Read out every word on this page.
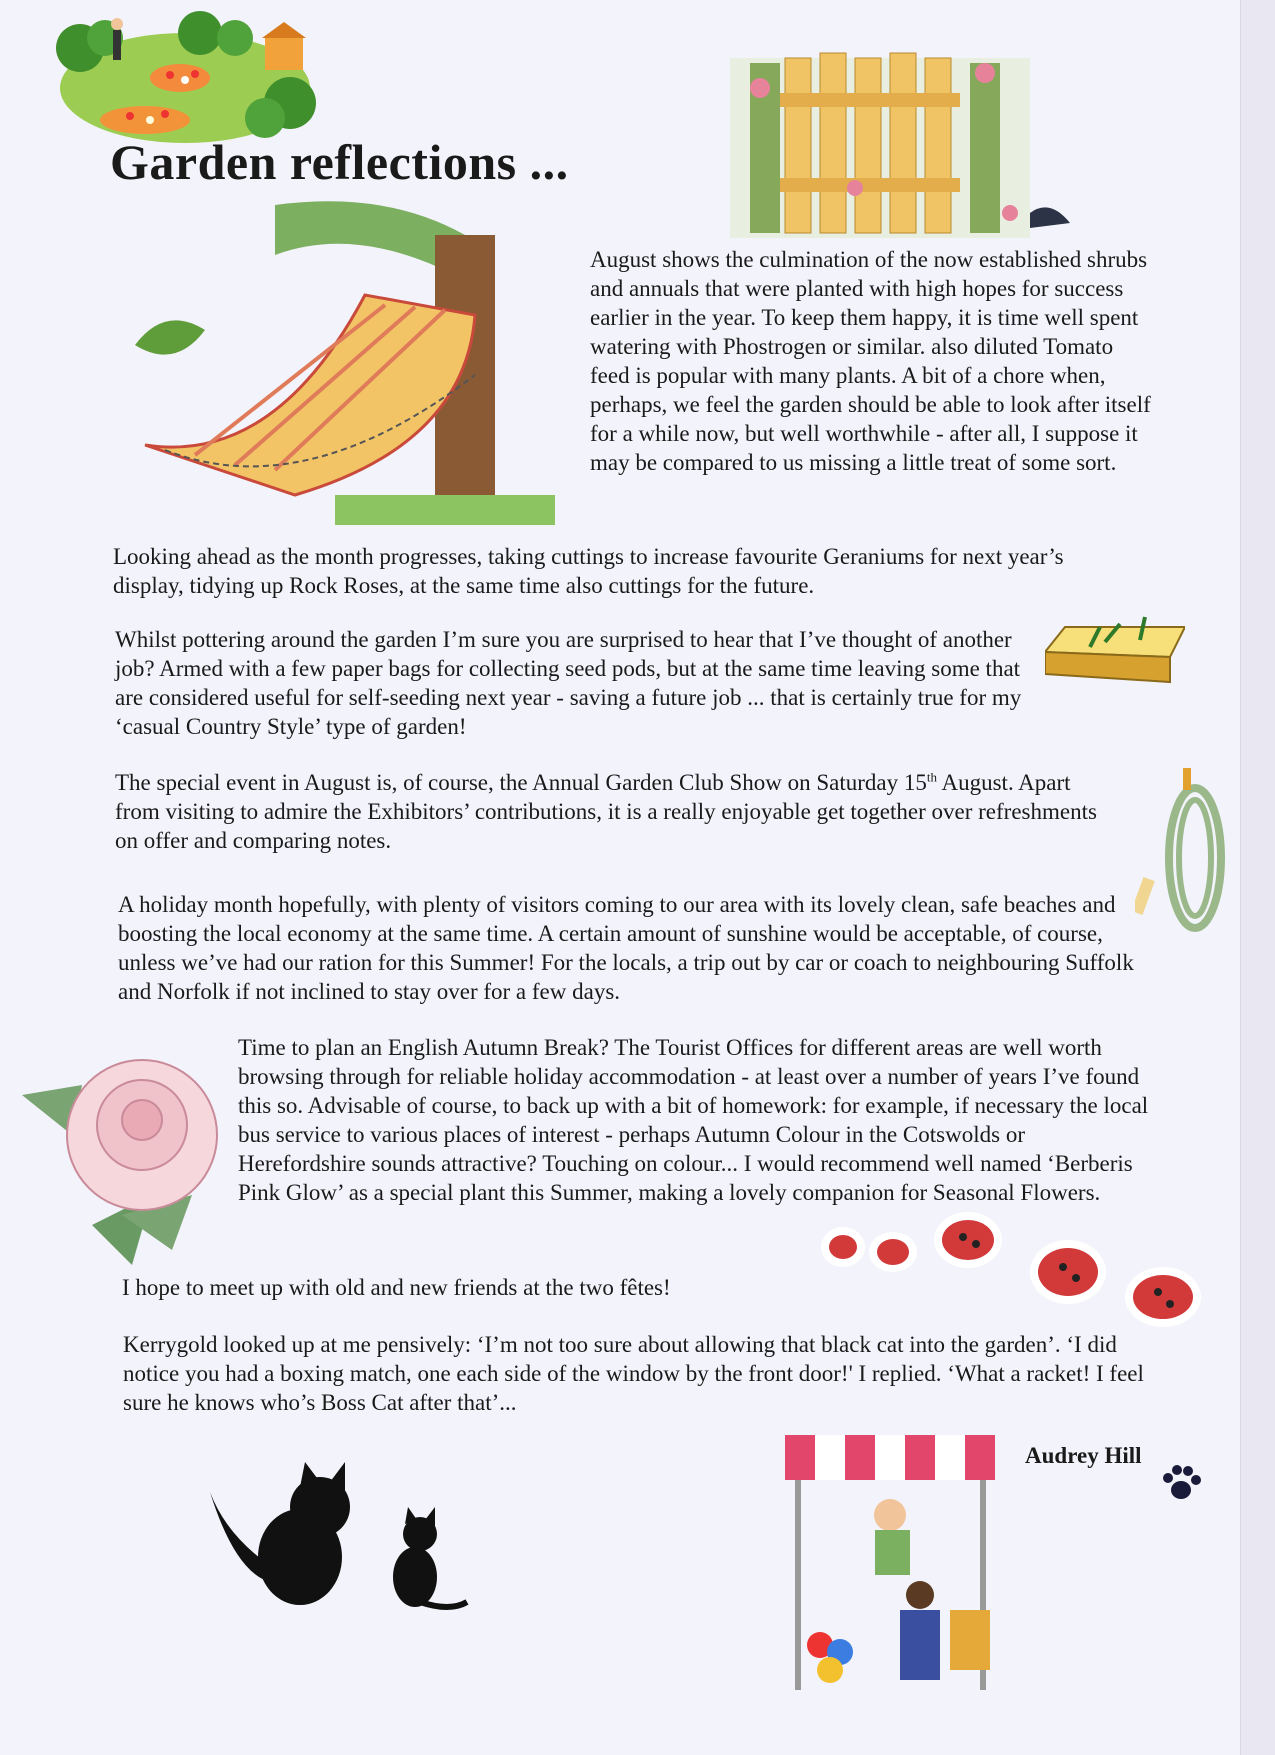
Garden reflections ...

August shows the culmination of the now established shrubs and annuals that were planted with high hopes for success earlier in the year. To keep them happy, it is time well spent watering with Phostrogen or similar. also diluted Tomato feed is popular with many plants. A bit of a chore when, perhaps, we feel the garden should be able to look after itself for a while now, but well worthwhile - after all, I suppose it may be compared to us missing a little treat of some sort.

Looking ahead as the month progresses, taking cuttings to increase favourite Geraniums for next year’s display, tidying up Rock Roses, at the same time also cuttings for the future.

Whilst pottering around the garden I’m sure you are surprised to hear that I’ve thought of another job? Armed with a few paper bags for collecting seed pods, but at the same time leaving some that are considered useful for self-seeding next year - saving a future job ... that is certainly true for my ‘casual Country Style’ type of garden!

The special event in August is, of course, the Annual Garden Club Show on Saturday 15th August. Apart from visiting to admire the Exhibitors’ contributions, it is a really enjoyable get together over refreshments on offer and comparing notes.

A holiday month hopefully, with plenty of visitors coming to our area with its lovely clean, safe beaches and boosting the local economy at the same time. A certain amount of sunshine would be acceptable, of course, unless we’ve had our ration for this Summer! For the locals, a trip out by car or coach to neighbouring Suffolk and Norfolk if not inclined to stay over for a few days.

Time to plan an English Autumn Break? The Tourist Offices for different areas are well worth browsing through for reliable holiday accommodation - at least over a number of years I’ve found this so. Advisable of course, to back up with a bit of homework: for example, if necessary the local bus service to various places of interest - perhaps Autumn Colour in the Cotswolds or Herefordshire sounds attractive? Touching on colour... I would recommend well named ‘Berberis Pink Glow’ as a special plant this Summer, making a lovely companion for Seasonal Flowers.

I hope to meet up with old and new friends at the two fêtes!

Kerrygold looked up at me pensively: ‘I’m not too sure about allowing that black cat into the garden’. ‘I did notice you had a boxing match, one each side of the window by the front door!' I replied. ‘What a racket! I feel sure he knows who’s Boss Cat after that’...

Audrey Hill
